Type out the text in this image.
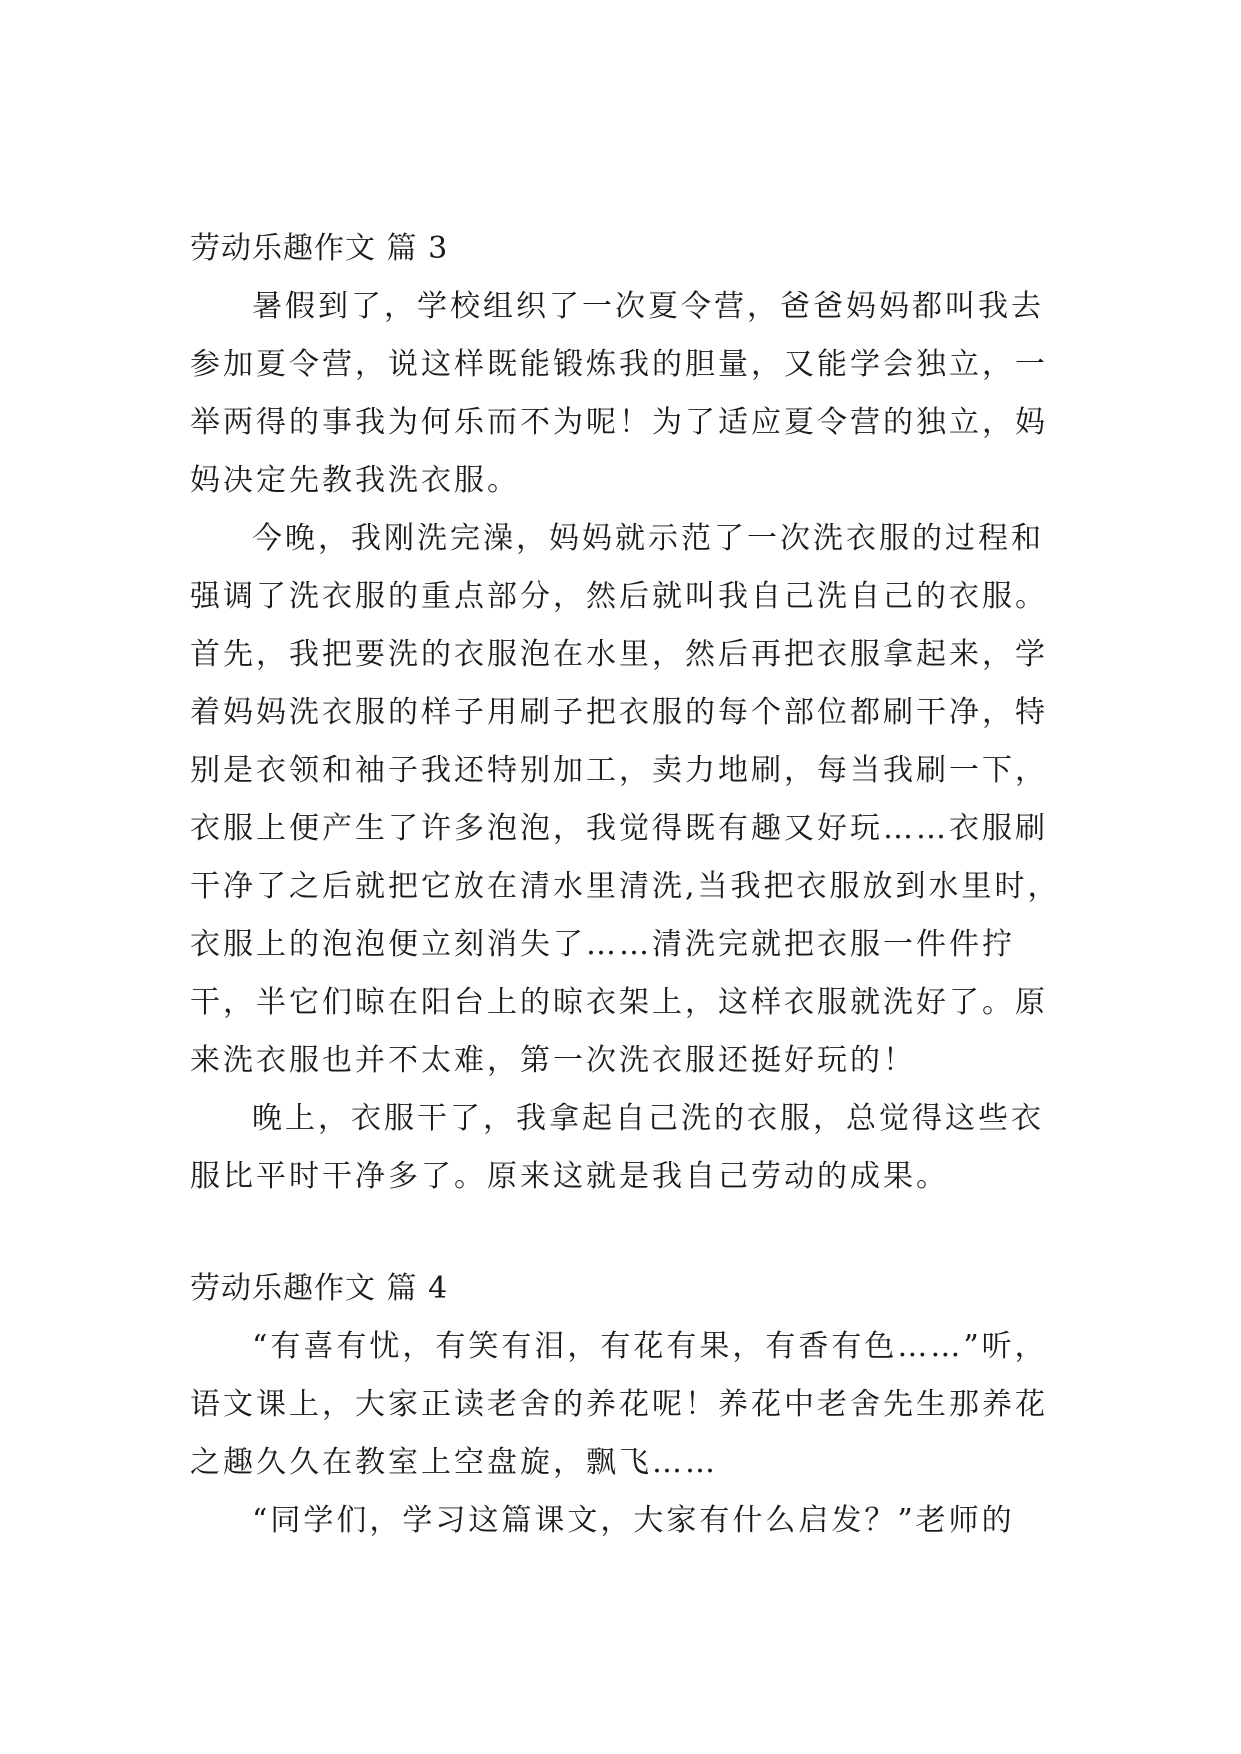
劳动乐趣作文 篇 3
暑假到了，学校组织了一次夏令营，爸爸妈妈都叫我去
参加夏令营，说这样既能锻炼我的胆量，又能学会独立，一
举两得的事我为何乐而不为呢！为了适应夏令营的独立，妈
妈决定先教我洗衣服。
今晚，我刚洗完澡，妈妈就示范了一次洗衣服的过程和
强调了洗衣服的重点部分，然后就叫我自己洗自己的衣服。
首先，我把要洗的衣服泡在水里，然后再把衣服拿起来，学
着妈妈洗衣服的样子用刷子把衣服的每个部位都刷干净，特
别是衣领和袖子我还特别加工，卖力地刷，每当我刷一下，
衣服上便产生了许多泡泡，我觉得既有趣又好玩……衣服刷
干净了之后就把它放在清水里清洗,当我把衣服放到水里时，
衣服上的泡泡便立刻消失了……清洗完就把衣服一件件拧
干，半它们晾在阳台上的晾衣架上，这样衣服就洗好了。原
来洗衣服也并不太难，第一次洗衣服还挺好玩的！
晚上，衣服干了，我拿起自己洗的衣服，总觉得这些衣
服比平时干净多了。原来这就是我自己劳动的成果。
劳动乐趣作文 篇 4
“有喜有忧，有笑有泪，有花有果，有香有色……”听，
语文课上，大家正读老舍的养花呢！养花中老舍先生那养花
之趣久久在教室上空盘旋，飘飞……
“同学们，学习这篇课文，大家有什么启发？”老师的
